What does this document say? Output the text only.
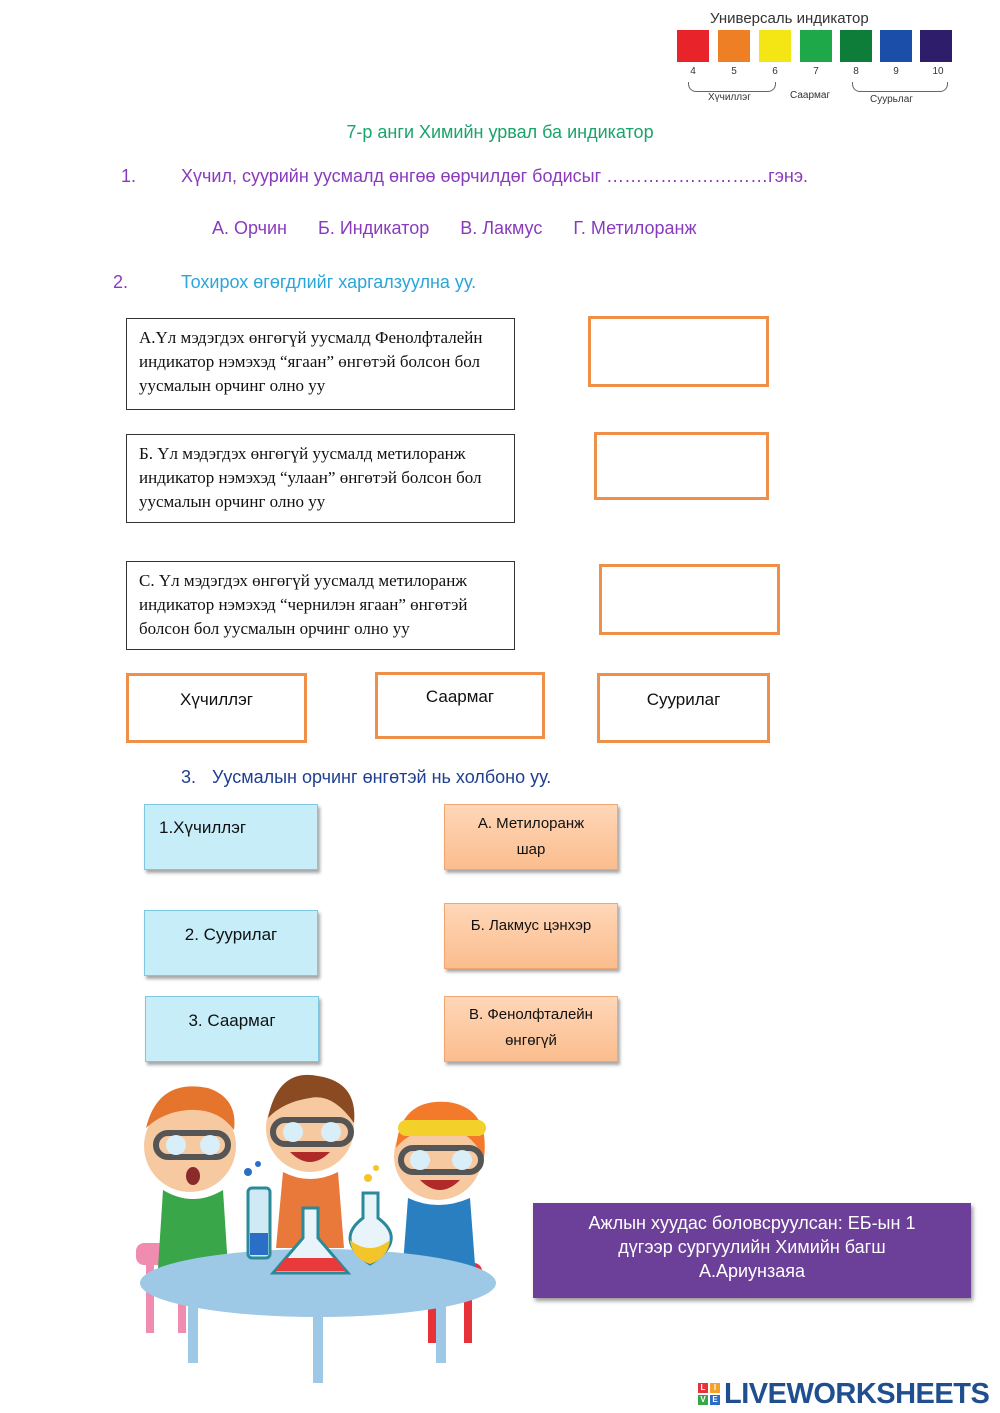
Универсаль индикатор
4	5	6	7	8	9	10
Хүчиллэг	Саармаг	Суурьлаг
7-р анги Химийн урвал ба индикатор
1. Хүчил, суурийн уусмалд өнгөө өөрчилдөг бодисыг ………………………гэнэ.
А. Орчин Б. Индикатор В. Лакмус Г. Метилоранж
2.	Тохирох өгөгдлийг харгалзуулна уу.
А.Үл мэдэгдэх өнгөгүй уусмалд Фенолфталейн индикатор нэмэхэд “ягаан” өнгөтэй болсон бол уусмалын орчинг олно уу
Б. Үл мэдэгдэх өнгөгүй уусмалд метилоранж индикатор нэмэхэд “улаан” өнгөтэй болсон бол уусмалын орчинг олно уу
С. Үл мэдэгдэх өнгөгүй уусмалд метилоранж индикатор нэмэхэд “чернилэн ягаан” өнгөтэй болсон бол уусмалын орчинг олно уу
Хүчиллэг	Саармаг	Суурилаг
3. Уусмалын орчинг өнгөтэй нь холбоно уу.
1.Хүчиллэг
2. Суурилаг
3. Саармаг
А. Метилоранж шар
Б. Лакмус цэнхэр
В. Фенолфталейн өнгөгүй
Ажлын хуудас боловсруулсан: ЕБ-ын 1
дүгээр сургуулийн Химийн багш
А.Ариунзаяа
L	I
V E LIVEWORKSHEETS
